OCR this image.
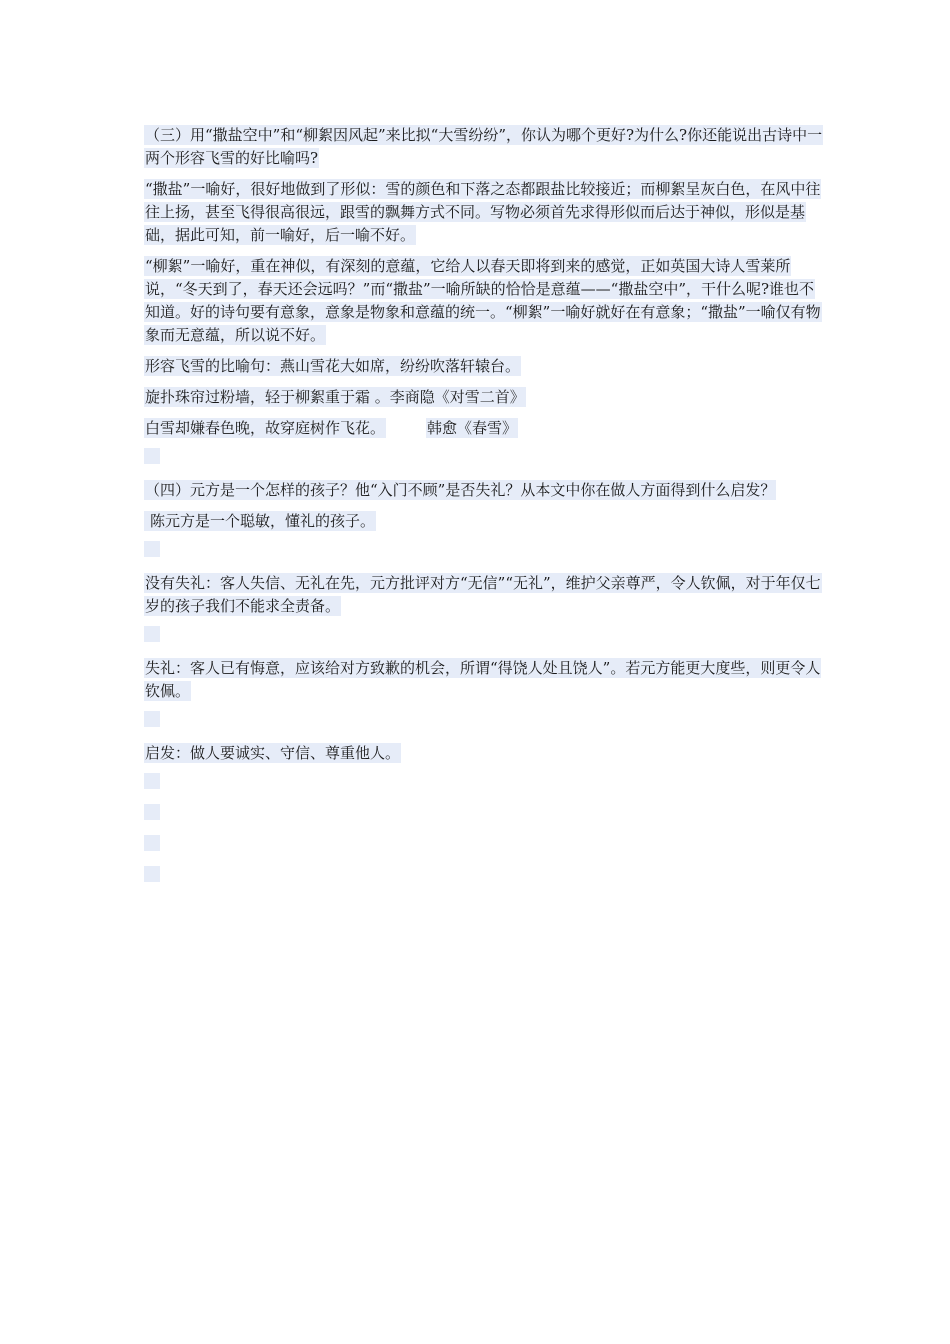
（三）用“撒盐空中”和“柳絮因风起”来比拟“大雪纷纷”，你认为哪个更好?为什么?你还能说出古诗中一两个形容飞雪的好比喻吗?

“撒盐”一喻好，很好地做到了形似：雪的颜色和下落之态都跟盐比较接近；而柳絮呈灰白色，在风中往往上扬，甚至飞得很高很远，跟雪的飘舞方式不同。写物必须首先求得形似而后达于神似，形似是基础，据此可知，前一喻好，后一喻不好。

“柳絮”一喻好，重在神似，有深刻的意蕴，它给人以春天即将到来的感觉，正如英国大诗人雪莱所说，“冬天到了，春天还会远吗？”而“撒盐”一喻所缺的恰恰是意蕴——“撒盐空中”，干什么呢?谁也不知道。好的诗句要有意象，意象是物象和意蕴的统一。“柳絮”一喻好就好在有意象；“撒盐”一喻仅有物象而无意蕴，所以说不好。

形容飞雪的比喻句：燕山雪花大如席，纷纷吹落轩辕台。

旋扑珠帘过粉墙，轻于柳絮重于霜 。李商隐《对雪二首》

白雪却嫌春色晚，故穿庭树作飞花。	韩愈《春雪》

（四）元方是一个怎样的孩子？他“入门不顾”是否失礼？从本文中你在做人方面得到什么启发？

陈元方是一个聪敏，懂礼的孩子。

没有失礼：客人失信、无礼在先，元方批评对方“无信”“无礼”，维护父亲尊严，令人钦佩，对于年仅七岁的孩子我们不能求全责备。

失礼：客人已有悔意，应该给对方致歉的机会，所谓“得饶人处且饶人”。若元方能更大度些，则更令人钦佩。

启发：做人要诚实、守信、尊重他人。
